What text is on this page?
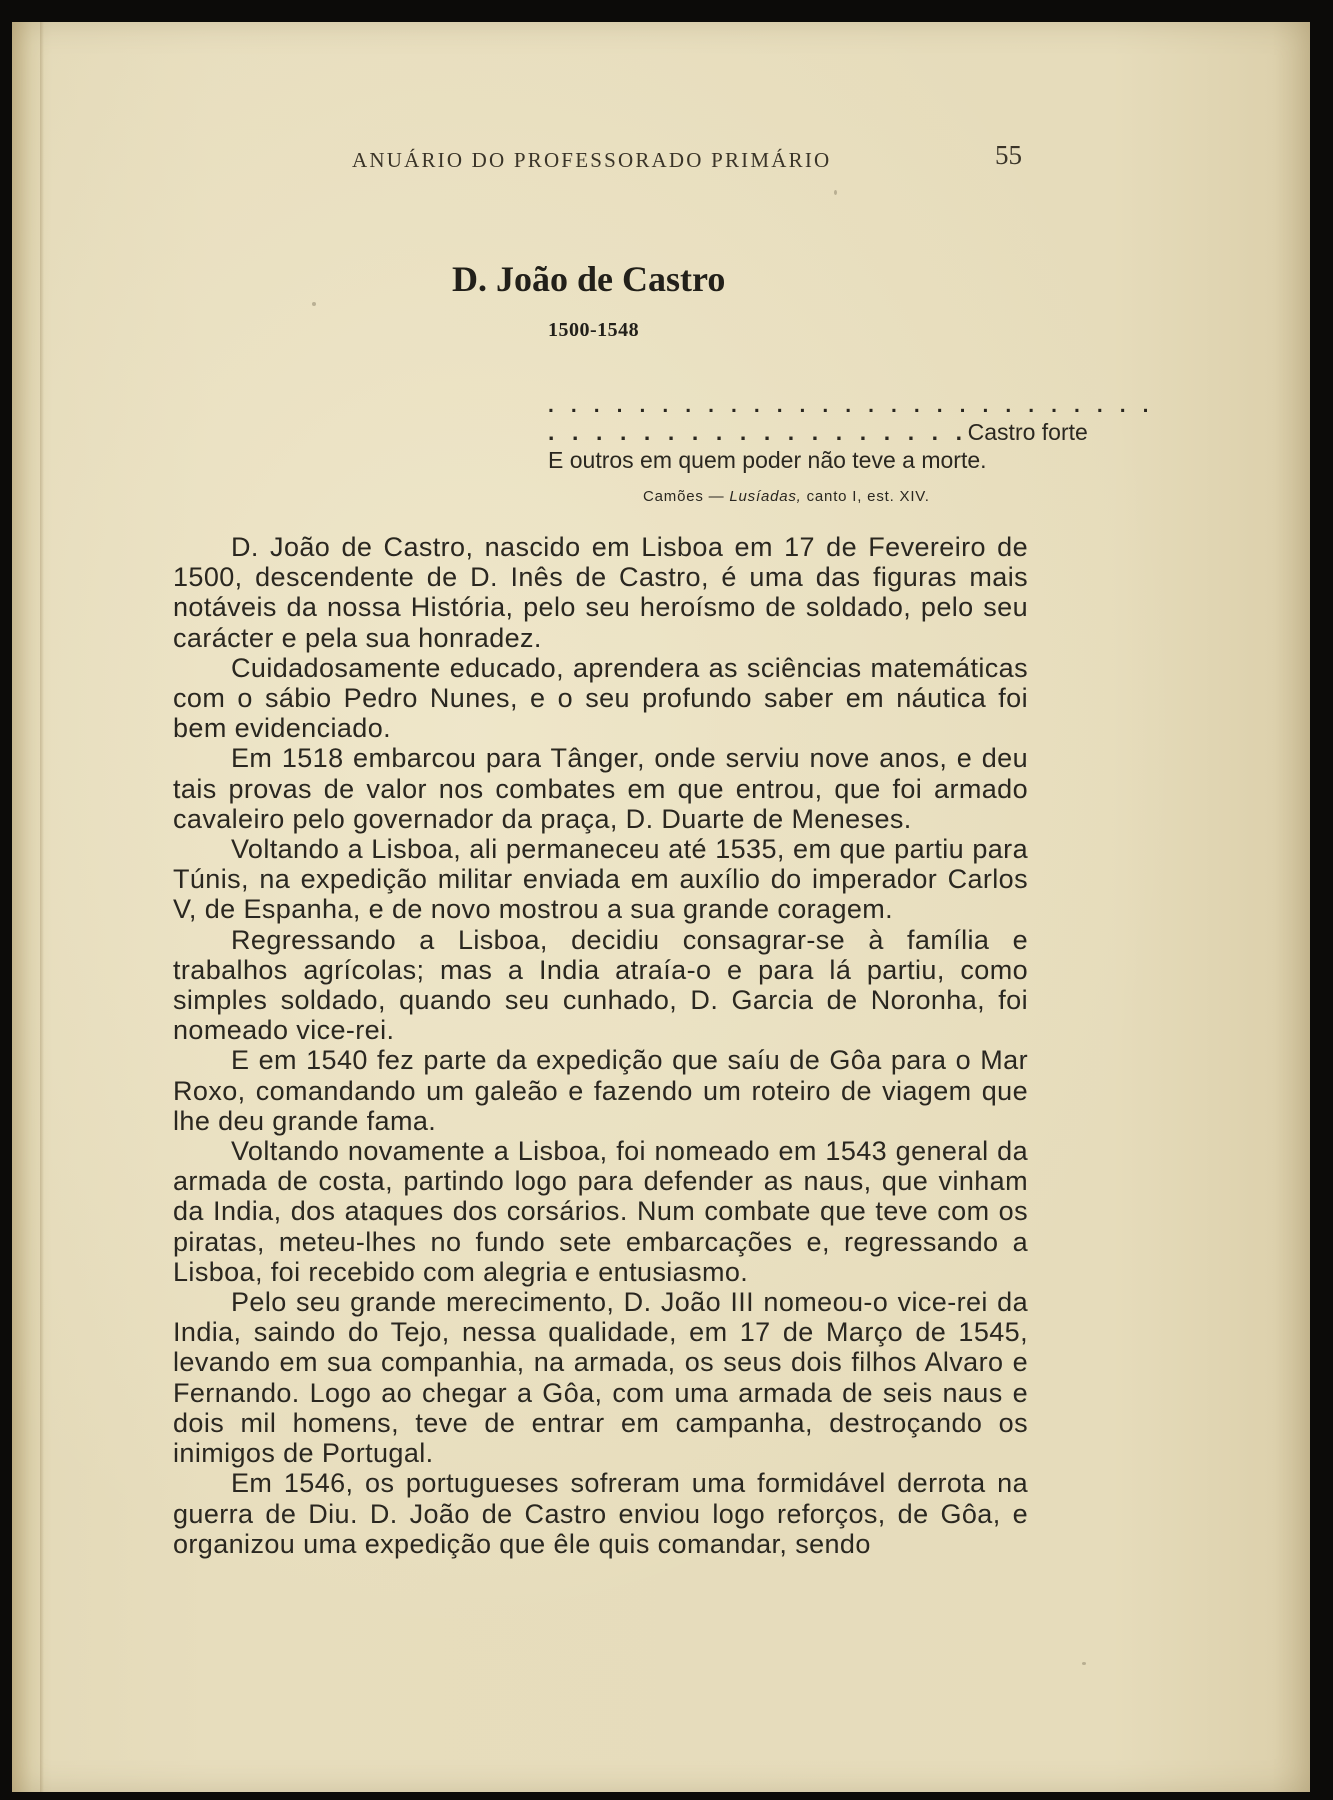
ANUÁRIO DO PROFESSORADO PRIMÁRIO	55
D. João de Castro
1500-1548
. . . . . . . . . . . . . . . . . . . . . . . . . . .
. . . . . . . . . . . . . . . . . . Castro forte
E outros em quem poder não teve a morte.
Camões — Lusíadas, canto I, est. XIV.

D. João de Castro, nascido em Lisboa em 17 de Fevereiro de 1500, descendente de D. Inês de Castro, é uma das figuras mais notáveis da nossa História, pelo seu heroísmo de soldado, pelo seu carácter e pela sua honradez.

Cuidadosamente educado, aprendera as sciências matemáticas com o sábio Pedro Nunes, e o seu profundo saber em náutica foi bem evidenciado.

Em 1518 embarcou para Tânger, onde serviu nove anos, e deu tais provas de valor nos combates em que entrou, que foi armado cavaleiro pelo governador da praça, D. Duarte de Meneses.

Voltando a Lisboa, ali permaneceu até 1535, em que partiu para Túnis, na expedição militar enviada em auxílio do imperador Carlos V, de Espanha, e de novo mostrou a sua grande coragem.

Regressando a Lisboa, decidiu consagrar-se à família e trabalhos agrícolas; mas a India atraía-o e para lá partiu, como simples soldado, quando seu cunhado, D. Garcia de Noronha, foi nomeado vice-rei.

E em 1540 fez parte da expedição que saíu de Gôa para o Mar Roxo, comandando um galeão e fazendo um roteiro de viagem que lhe deu grande fama.

Voltando novamente a Lisboa, foi nomeado em 1543 general da armada de costa, partindo logo para defender as naus, que vinham da India, dos ataques dos corsários. Num combate que teve com os piratas, meteu-lhes no fundo sete embarcações e, regressando a Lisboa, foi recebido com alegria e entusiasmo.

Pelo seu grande merecimento, D. João III nomeou-o vice-rei da India, saindo do Tejo, nessa qualidade, em 17 de Março de 1545, levando em sua companhia, na armada, os seus dois filhos Alvaro e Fernando. Logo ao chegar a Gôa, com uma armada de seis naus e dois mil homens, teve de entrar em campanha, destroçando os inimigos de Portugal.

Em 1546, os portugueses sofreram uma formidável derrota na guerra de Diu. D. João de Castro enviou logo reforços, de Gôa, e organizou uma expedição que êle quis comandar, sendo
